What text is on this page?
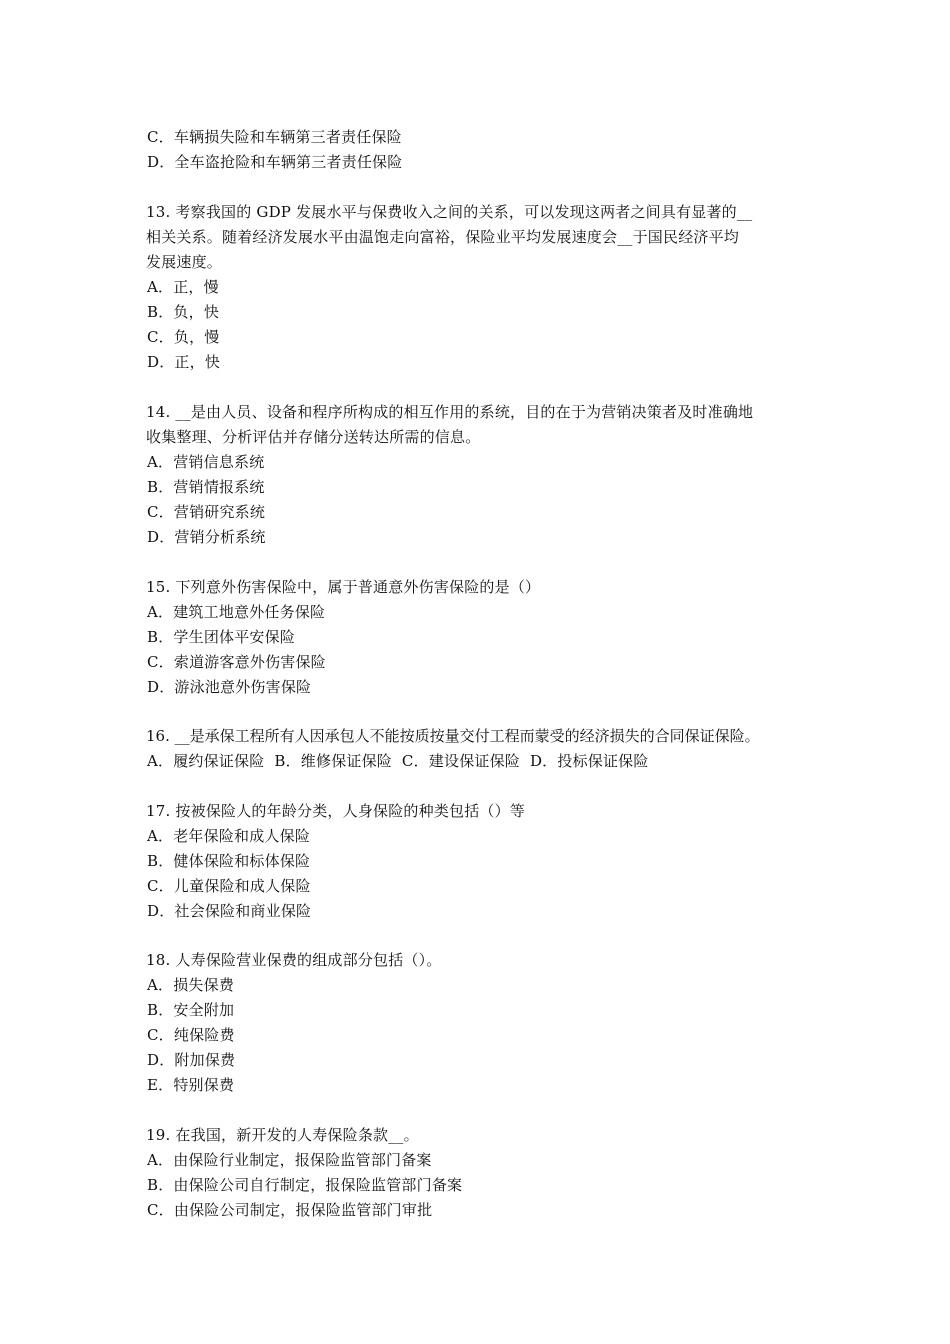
C．车辆损失险和车辆第三者责任保险
D．全车盗抢险和车辆第三者责任保险
13. 考察我国的 GDP 发展水平与保费收入之间的关系，可以发现这两者之间具有显著的__
相关关系。随着经济发展水平由温饱走向富裕，保险业平均发展速度会__于国民经济平均
发展速度。
A．正，慢
B．负，快
C．负，慢
D．正，快
14. __是由人员、设备和程序所构成的相互作用的系统，目的在于为营销决策者及时准确地
收集整理、分析评估并存储分送转达所需的信息。
A．营销信息系统
B．营销情报系统
C．营销研究系统
D．营销分析系统
15. 下列意外伤害保险中，属于普通意外伤害保险的是（）
A．建筑工地意外任务保险
B．学生团体平安保险
C．索道游客意外伤害保险
D．游泳池意外伤害保险
16. __是承保工程所有人因承包人不能按质按量交付工程而蒙受的经济损失的合同保证保险。
A．履约保证保险  B．维修保证保险  C．建设保证保险  D．投标保证保险
17. 按被保险人的年龄分类，人身保险的种类包括（）等
A．老年保险和成人保险
B．健体保险和标体保险
C．儿童保险和成人保险
D．社会保险和商业保险
18. 人寿保险营业保费的组成部分包括（）。
A．损失保费
B．安全附加
C．纯保险费
D．附加保费
E．特别保费
19. 在我国，新开发的人寿保险条款__。
A．由保险行业制定，报保险监管部门备案
B．由保险公司自行制定，报保险监管部门备案
C．由保险公司制定，报保险监管部门审批
